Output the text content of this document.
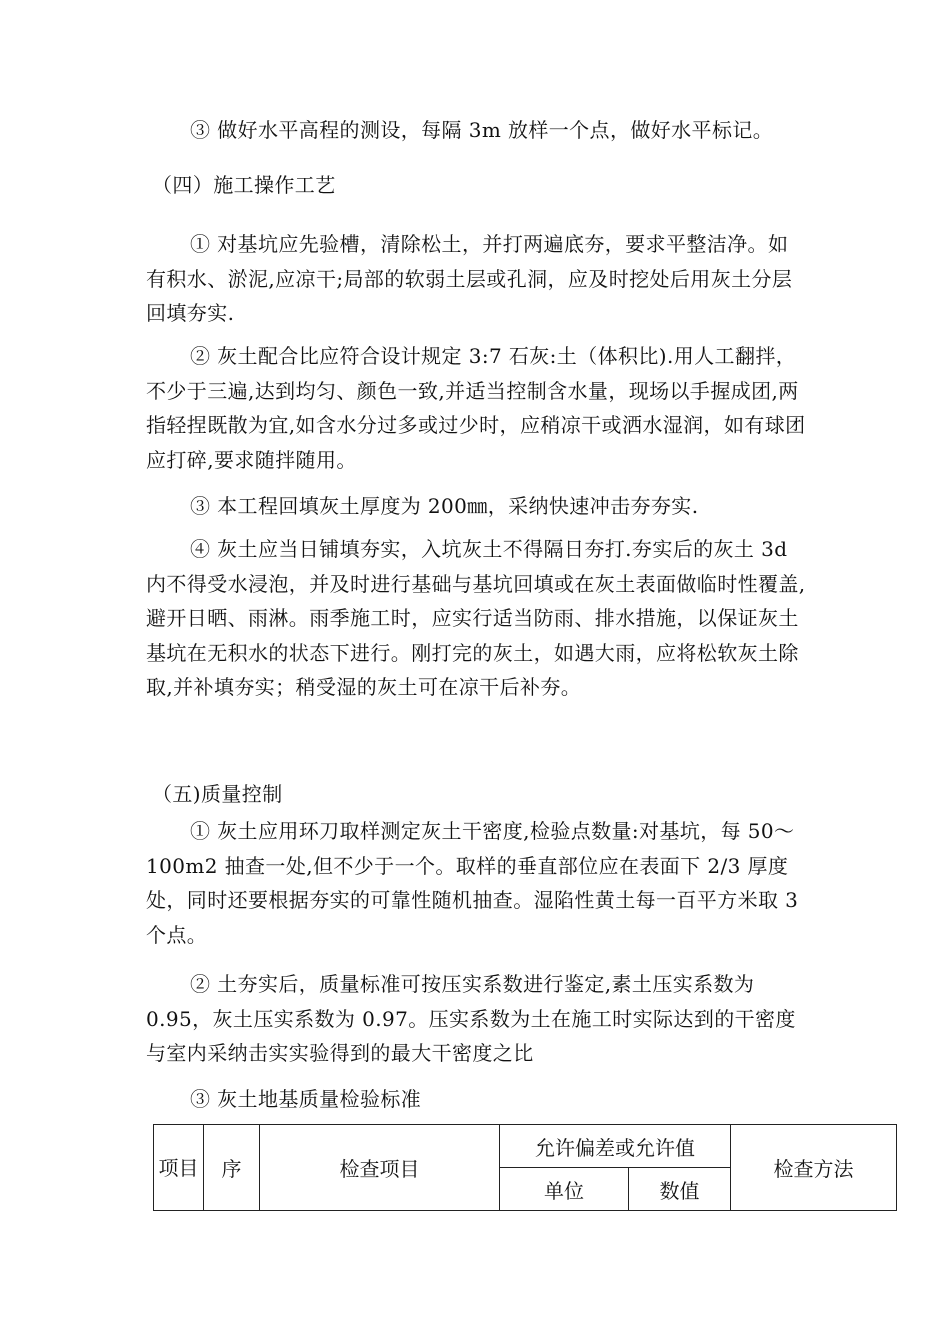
③ 做好水平高程的测设，每隔 3m 放样一个点，做好水平标记。

（四）施工操作工艺

① 对基坑应先验槽，清除松土，并打两遍底夯，要求平整洁净。如有积水、淤泥,应凉干;局部的软弱土层或孔洞，应及时挖处后用灰土分层回填夯实.

② 灰土配合比应符合设计规定 3:7 石灰:土（体积比).用人工翻拌，不少于三遍,达到均匀、颜色一致,并适当控制含水量，现场以手握成团,两指轻捏既散为宜,如含水分过多或过少时，应稍凉干或洒水湿润，如有球团应打碎,要求随拌随用。

③ 本工程回填灰土厚度为 200㎜，采纳快速冲击夯夯实.

④ 灰土应当日铺填夯实，入坑灰土不得隔日夯打.夯实后的灰土 3d 内不得受水浸泡，并及时进行基础与基坑回填或在灰土表面做临时性覆盖,避开日晒、雨淋。雨季施工时，应实行适当防雨、排水措施，以保证灰土基坑在无积水的状态下进行。刚打完的灰土，如遇大雨，应将松软灰土除取,并补填夯实；稍受湿的灰土可在凉干后补夯。

（五)质量控制

① 灰土应用环刀取样测定灰土干密度,检验点数量:对基坑，每 50～100m2 抽查一处,但不少于一个。取样的垂直部位应在表面下 2/3 厚度处，同时还要根据夯实的可靠性随机抽查。湿陷性黄土每一百平方米取 3 个点。

② 土夯实后，质量标准可按压实系数进行鉴定,素土压实系数为 0.95，灰土压实系数为 0.97。压实系数为土在施工时实际达到的干密度与室内采纳击实实验得到的最大干密度之比

③ 灰土地基质量检验标准

项目	序	检查项目	允许偏差或允许值		检查方法
			单位	数值	
